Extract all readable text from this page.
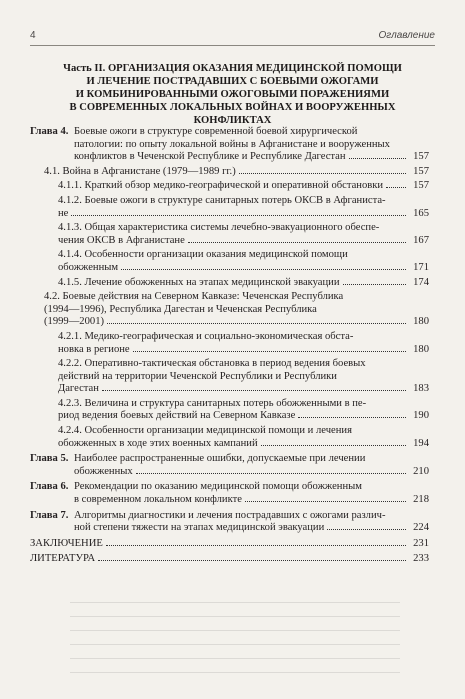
4	Оглавление
Часть II. ОРГАНИЗАЦИЯ ОКАЗАНИЯ МЕДИЦИНСКОЙ ПОМОЩИ
И ЛЕЧЕНИЕ ПОСТРАДАВШИХ С БОЕВЫМИ ОЖОГАМИ
И КОМБИНИРОВАННЫМИ ОЖОГОВЫМИ ПОРАЖЕНИЯМИ
В СОВРЕМЕННЫХ ЛОКАЛЬНЫХ ВОЙНАХ И ВООРУЖЕННЫХ КОНФЛИКТАХ
Глава 4. Боевые ожоги в структуре современной боевой хирургической
патологии: по опыту локальной войны в Афганистане и вооруженных
конфликтов в Чеченской Республике и Республике Дагестан	157
4.1. Война в Афганистане (1979—1989 гг.)	157
4.1.1. Краткий обзор медико-географической и оперативной обстановки	157
4.1.2. Боевые ожоги в структуре санитарных потерь ОКСВ в Афганиста-
не	165
4.1.3. Общая характеристика системы лечебно-эвакуационного обеспе-
чения ОКСВ в Афганистане	167
4.1.4. Особенности организации оказания медицинской помощи
обожженным	171
4.1.5. Лечение обожженных на этапах медицинской эвакуации	174
4.2. Боевые действия на Северном Кавказе: Чеченская Республика
(1994—1996), Республика Дагестан и Чеченская Республика
(1999—2001)	180
4.2.1. Медико-географическая и социально-экономическая обста-
новка в регионе	180
4.2.2. Оперативно-тактическая обстановка в период ведения боевых
действий на территории Чеченской Республики и Республики
Дагестан	183
4.2.3. Величина и структура санитарных потерь обожженными в пе-
риод ведения боевых действий на Северном Кавказе	190
4.2.4. Особенности организации медицинской помощи и лечения
обожженных в ходе этих военных кампаний	194
Глава 5. Наиболее распространенные ошибки, допускаемые при лечении
обожженных	210
Глава 6. Рекомендации по оказанию медицинской помощи обожженным
в современном локальном конфликте	218
Глава 7. Алгоритмы диагностики и лечения пострадавших с ожогами различ-
ной степени тяжести на этапах медицинской эвакуации	224
ЗАКЛЮЧЕНИЕ	231
ЛИТЕРАТУРА	233
